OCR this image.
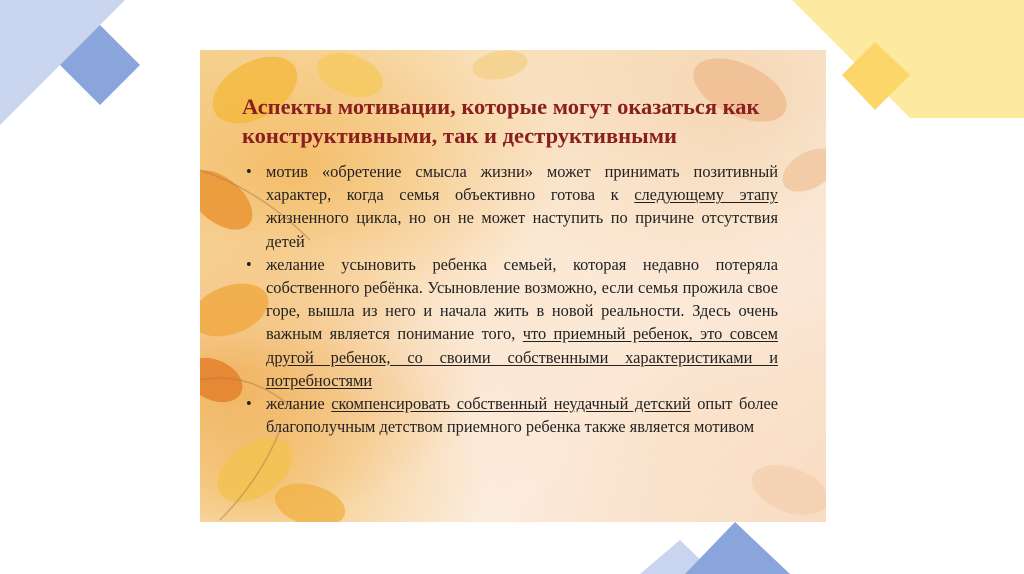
Аспекты мотивации, которые могут оказаться как конструктивными, так и деструктивными
• мотив «обретение смысла жизни» может принимать позитивный характер, когда семья объективно готова к следующему этапу жизненного цикла, но он не может наступить по причине отсутствия детей
• желание усыновить ребенка семьей, которая недавно потеряла собственного ребёнка. Усыновление возможно, если семья прожила свое горе, вышла из него и начала жить в новой реальности. Здесь очень важным является понимание того, что приемный ребенок, это совсем другой ребенок, со своими собственными характеристиками и потребностями
• желание скомпенсировать собственный неудачный детский опыт более благополучным детством приемного ребенка также является мотивом
